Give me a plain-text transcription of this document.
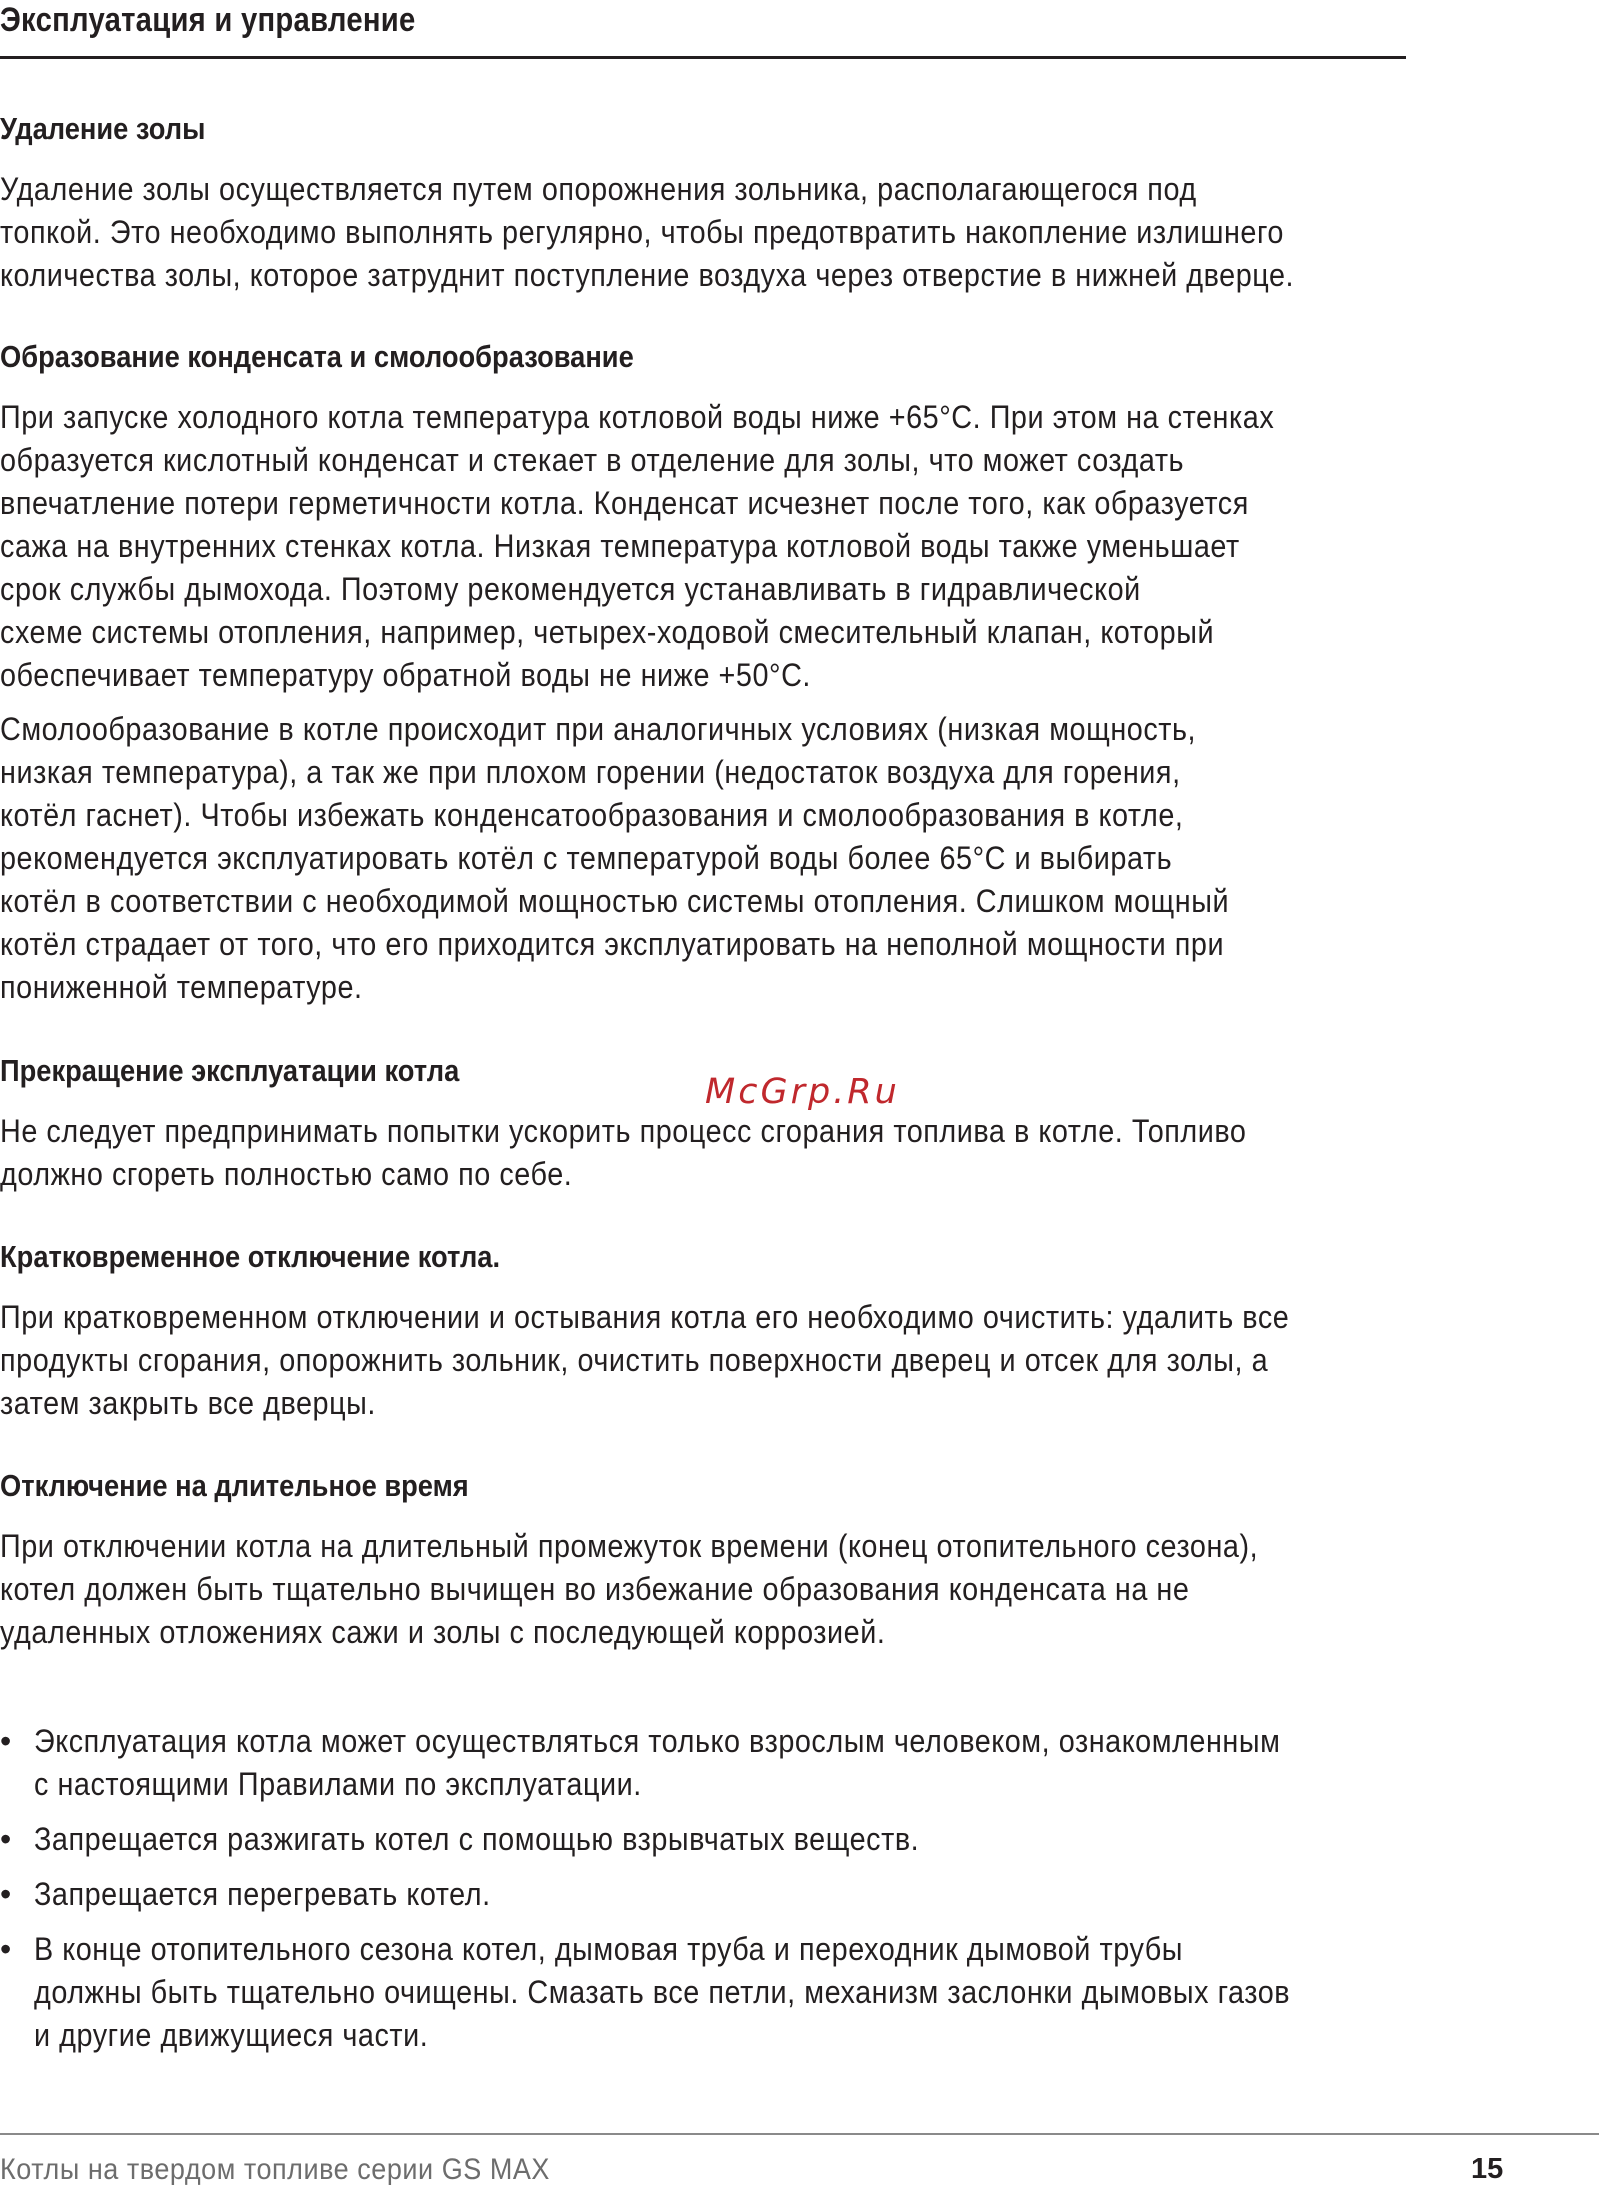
Эксплуатация и управление
Удаление золы

Удаление золы осуществляется путем опорожнения зольника, располагающегося под
топкой. Это необходимо выполнять регулярно, чтобы предотвратить накопление излишнего
количества золы, которое затруднит поступление воздуха через отверстие в нижней дверце.

Образование конденсата и смолообразование

При запуске холодного котла температура котловой воды ниже +65°С. При этом на стенках
образуется кислотный конденсат и стекает в отделение для золы, что может создать
впечатление потери герметичности котла. Конденсат исчезнет после того, как образуется
сажа на внутренних стенках котла. Низкая температура котловой воды также уменьшает
срок службы дымохода. Поэтому рекомендуется устанавливать в гидравлической
схеме системы отопления, например, четырех-ходовой смесительный клапан, который
обеспечивает температуру обратной воды не ниже +50°С.

Смолообразование в котле происходит при аналогичных условиях (низкая мощность,
низкая температура), а так же при плохом горении (недостаток воздуха для горения,
котёл гаснет). Чтобы избежать конденсатообразования и смолообразования в котле,
рекомендуется эксплуатировать котёл с температурой воды более 65°С и выбирать
котёл в соответствии с необходимой мощностью системы отопления. Слишком мощный
котёл страдает от того, что его приходится эксплуатировать на неполной мощности при
пониженной температуре.

Прекращение эксплуатации котла

Не следует предпринимать попытки ускорить процесс сгорания топлива в котле. Топливо
должно сгореть полностью само по себе.

Кратковременное отключение котла.

При кратковременном отключении и остывания котла его необходимо очистить: удалить все
продукты сгорания, опорожнить зольник, очистить поверхности дверец и отсек для золы, а
затем закрыть все дверцы.

Отключение на длительное время

При отключении котла на длительный промежуток времени (конец отопительного сезона),
котел должен быть тщательно вычищен во избежание образования конденсата на не
удаленных отложениях сажи и золы с последующей коррозией.

• Эксплуатация котла может осуществляться только взрослым человеком, ознакомленным
с настоящими Правилами по эксплуатации.
• Запрещается разжигать котел с помощью взрывчатых веществ.
• Запрещается перегревать котел.
• В конце отопительного сезона котел, дымовая труба и переходник дымовой трубы
должны быть тщательно очищены. Смазать все петли, механизм заслонки дымовых газов
и другие движущиеся части.
McGrp.Ru
Котлы на твердом топливе серии GS MAX	15
